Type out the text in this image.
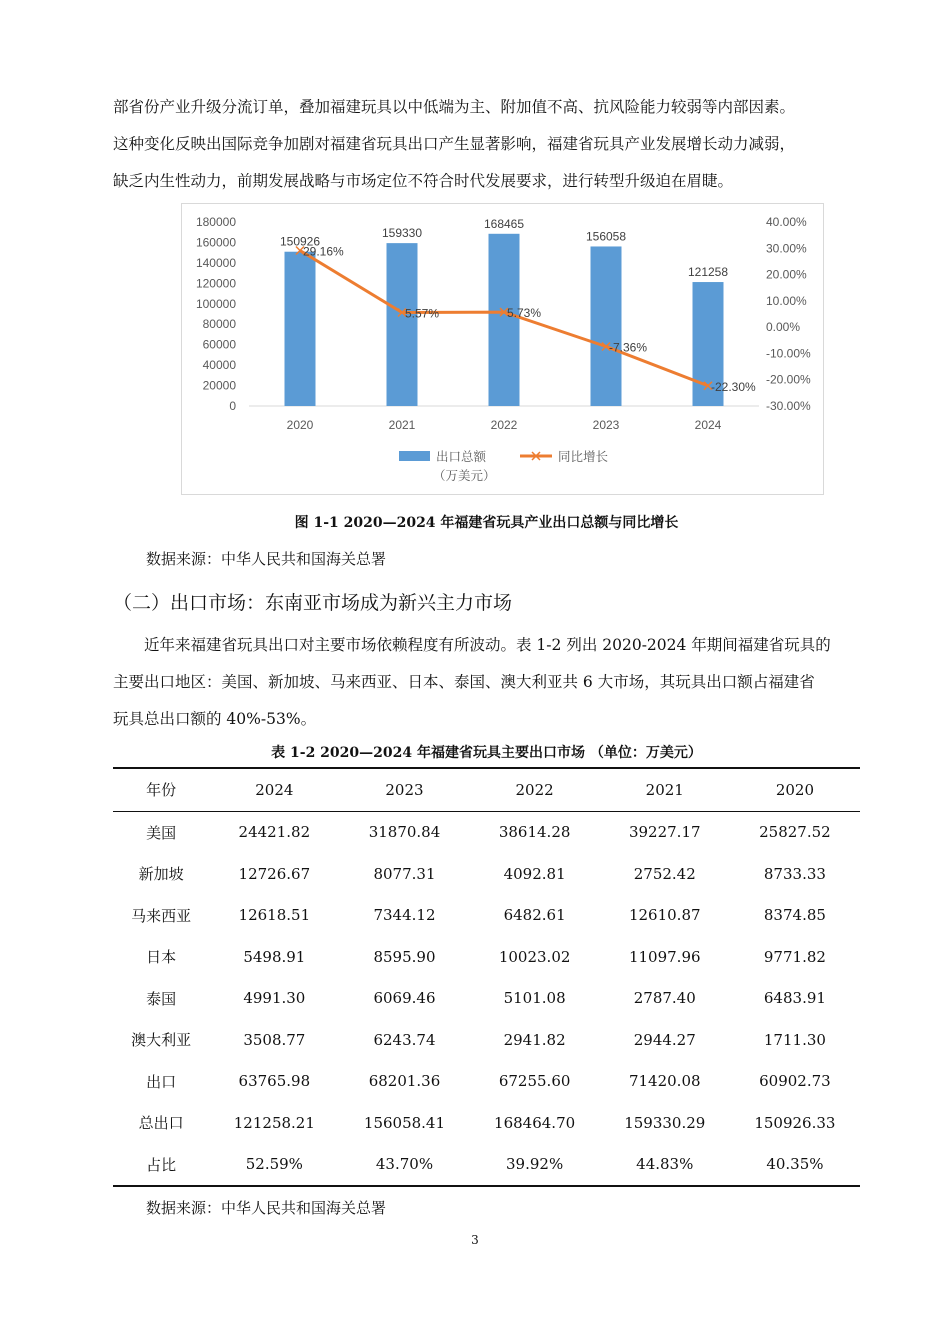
部省份产业升级分流订单，叠加福建玩具以中低端为主、附加值不高、抗风险能力较弱等内部因素。

这种变化反映出国际竞争加剧对福建省玩具出口产生显著影响，福建省玩具产业发展增长动力减弱，

缺乏内生性动力，前期发展战略与市场定位不符合时代发展要求，进行转型升级迫在眉睫。

180000
160000
140000
120000
100000
80000
60000
40000
20000
0
40.00%
30.00%
20.00%
10.00%
0.00%
-10.00%
-20.00%
-30.00%
150926
2020
159330
2021
168465
2022
156058
2023
121258
2024
29.16%
5.57%	5.73%
-7.36%
-22.30%
出口总额
（万美元）
同比增长
图 1-1 2020—2024 年福建省玩具产业出口总额与同比增长
数据来源：中华人民共和国海关总署
（二）出口市场：东南亚市场成为新兴主力市场

近年来福建省玩具出口对主要市场依赖程度有所波动。表 1-2 列出 2020-2024 年期间福建省玩具的

主要出口地区：美国、新加坡、马来西亚、日本、泰国、澳大利亚共 6 大市场，其玩具出口额占福建省

玩具总出口额的 40%-53%。

表 1-2 2020—2024 年福建省玩具主要出口市场 （单位：万美元）
年份	2024	2023	2022	2021	2020
美国	24421.82	31870.84	38614.28	39227.17	25827.52
新加坡	12726.67	8077.31	4092.81	2752.42	8733.33
马来西亚	12618.51	7344.12	6482.61	12610.87	8374.85
日本	5498.91	8595.90	10023.02	11097.96	9771.82
泰国	4991.30	6069.46	5101.08	2787.40	6483.91
澳大利亚	3508.77	6243.74	2941.82	2944.27	1711.30
出口	63765.98	68201.36	67255.60	71420.08	60902.73
总出口	121258.21	156058.41	168464.70	159330.29	150926.33
占比	52.59%	43.70%	39.92%	44.83%	40.35%
数据来源：中华人民共和国海关总署
3
